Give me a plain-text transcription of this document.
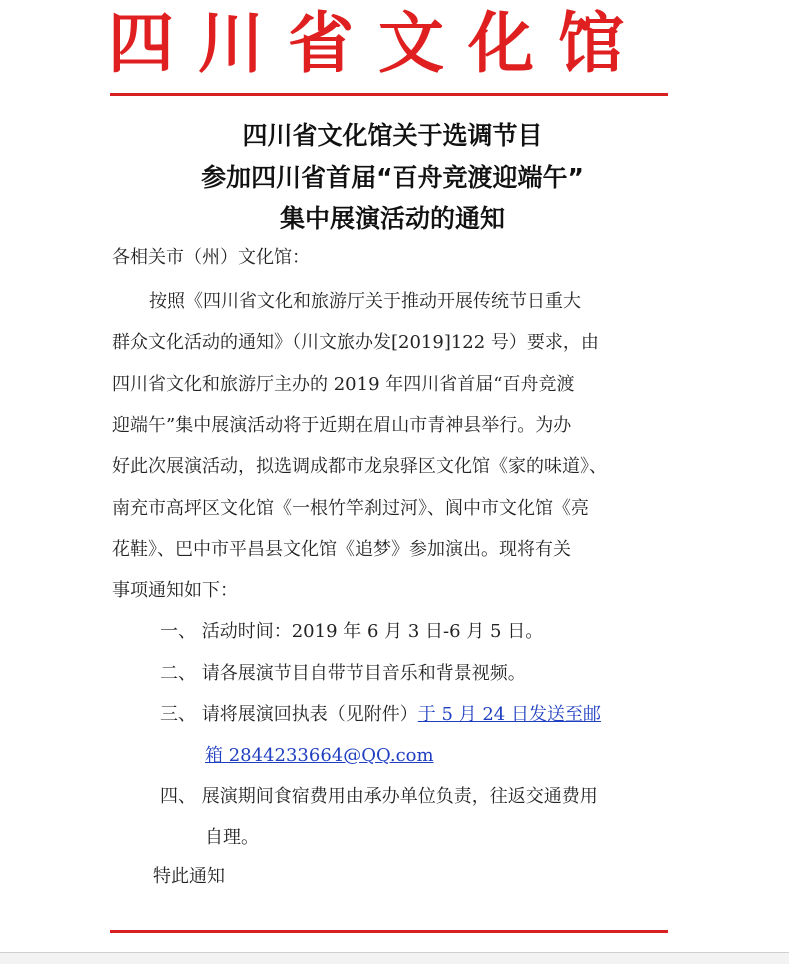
四川省文化馆
四川省文化馆关于选调节目
参加四川省首届“百舟竞渡迎端午”
集中展演活动的通知
各相关市（州）文化馆：
按照《四川省文化和旅游厅关于推动开展传统节日重大
群众文化活动的通知》（川文旅办发[2019]122 号）要求，由
四川省文化和旅游厅主办的 2019 年四川省首届“百舟竞渡
迎端午”集中展演活动将于近期在眉山市青神县举行。为办
好此次展演活动，拟选调成都市龙泉驿区文化馆《家的味道》、
南充市高坪区文化馆《一根竹竿刹过河》、阆中市文化馆《亮
花鞋》、巴中市平昌县文化馆《追梦》参加演出。现将有关
事项通知如下：
一、 活动时间：2019 年 6 月 3 日-6 月 5 日。
二、 请各展演节目自带节目音乐和背景视频。
三、 请将展演回执表（见附件）于 5 月 24 日发送至邮
箱 2844233664@QQ.com
四、 展演期间食宿费用由承办单位负责，往返交通费用
自理。
特此通知
